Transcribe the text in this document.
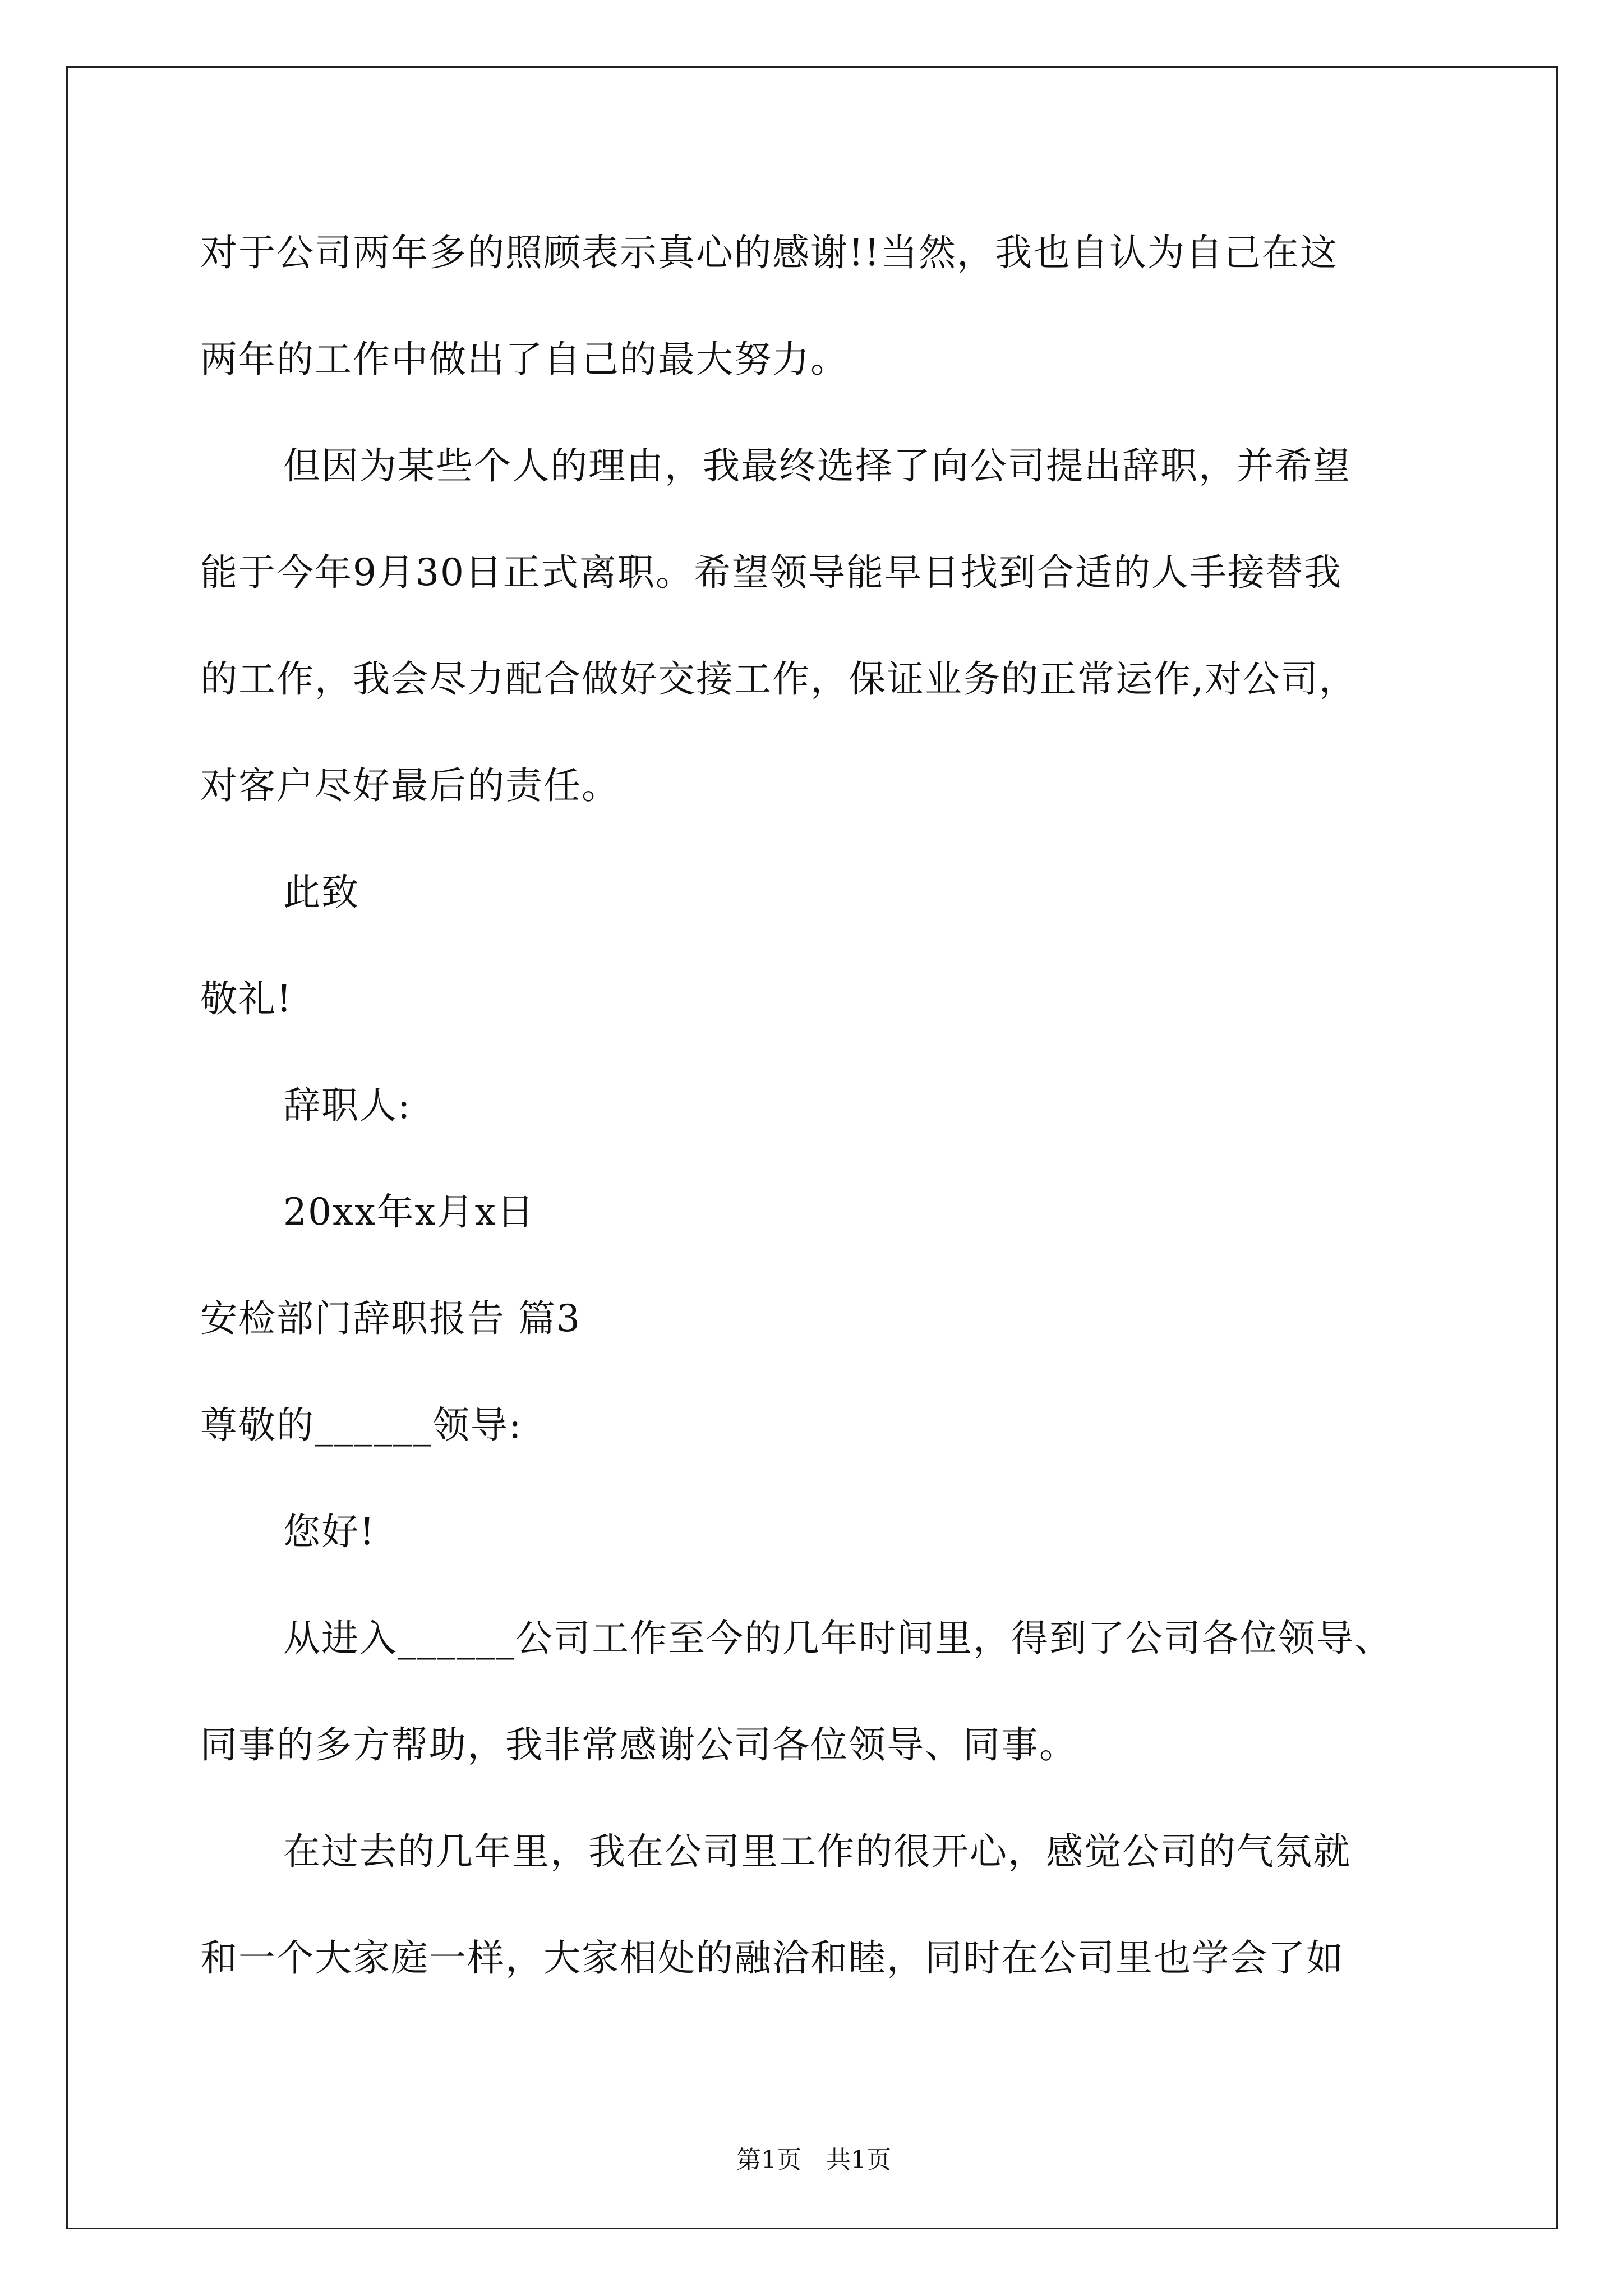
对于公司两年多的照顾表示真心的感谢!!当然，我也自认为自己在这
两年的工作中做出了自己的最大努力。
但因为某些个人的理由，我最终选择了向公司提出辞职，并希望
能于今年9月30日正式离职。希望领导能早日找到合适的人手接替我
的工作，我会尽力配合做好交接工作，保证业务的正常运作,对公司，
对客户尽好最后的责任。
此致
敬礼!
辞职人:
20xx年x月x日
安检部门辞职报告 篇3
尊敬的______领导:
您好!
从进入______公司工作至今的几年时间里，得到了公司各位领导、
同事的多方帮助，我非常感谢公司各位领导、同事。
在过去的几年里，我在公司里工作的很开心，感觉公司的气氛就
和一个大家庭一样，大家相处的融洽和睦，同时在公司里也学会了如
第1页　共1页
